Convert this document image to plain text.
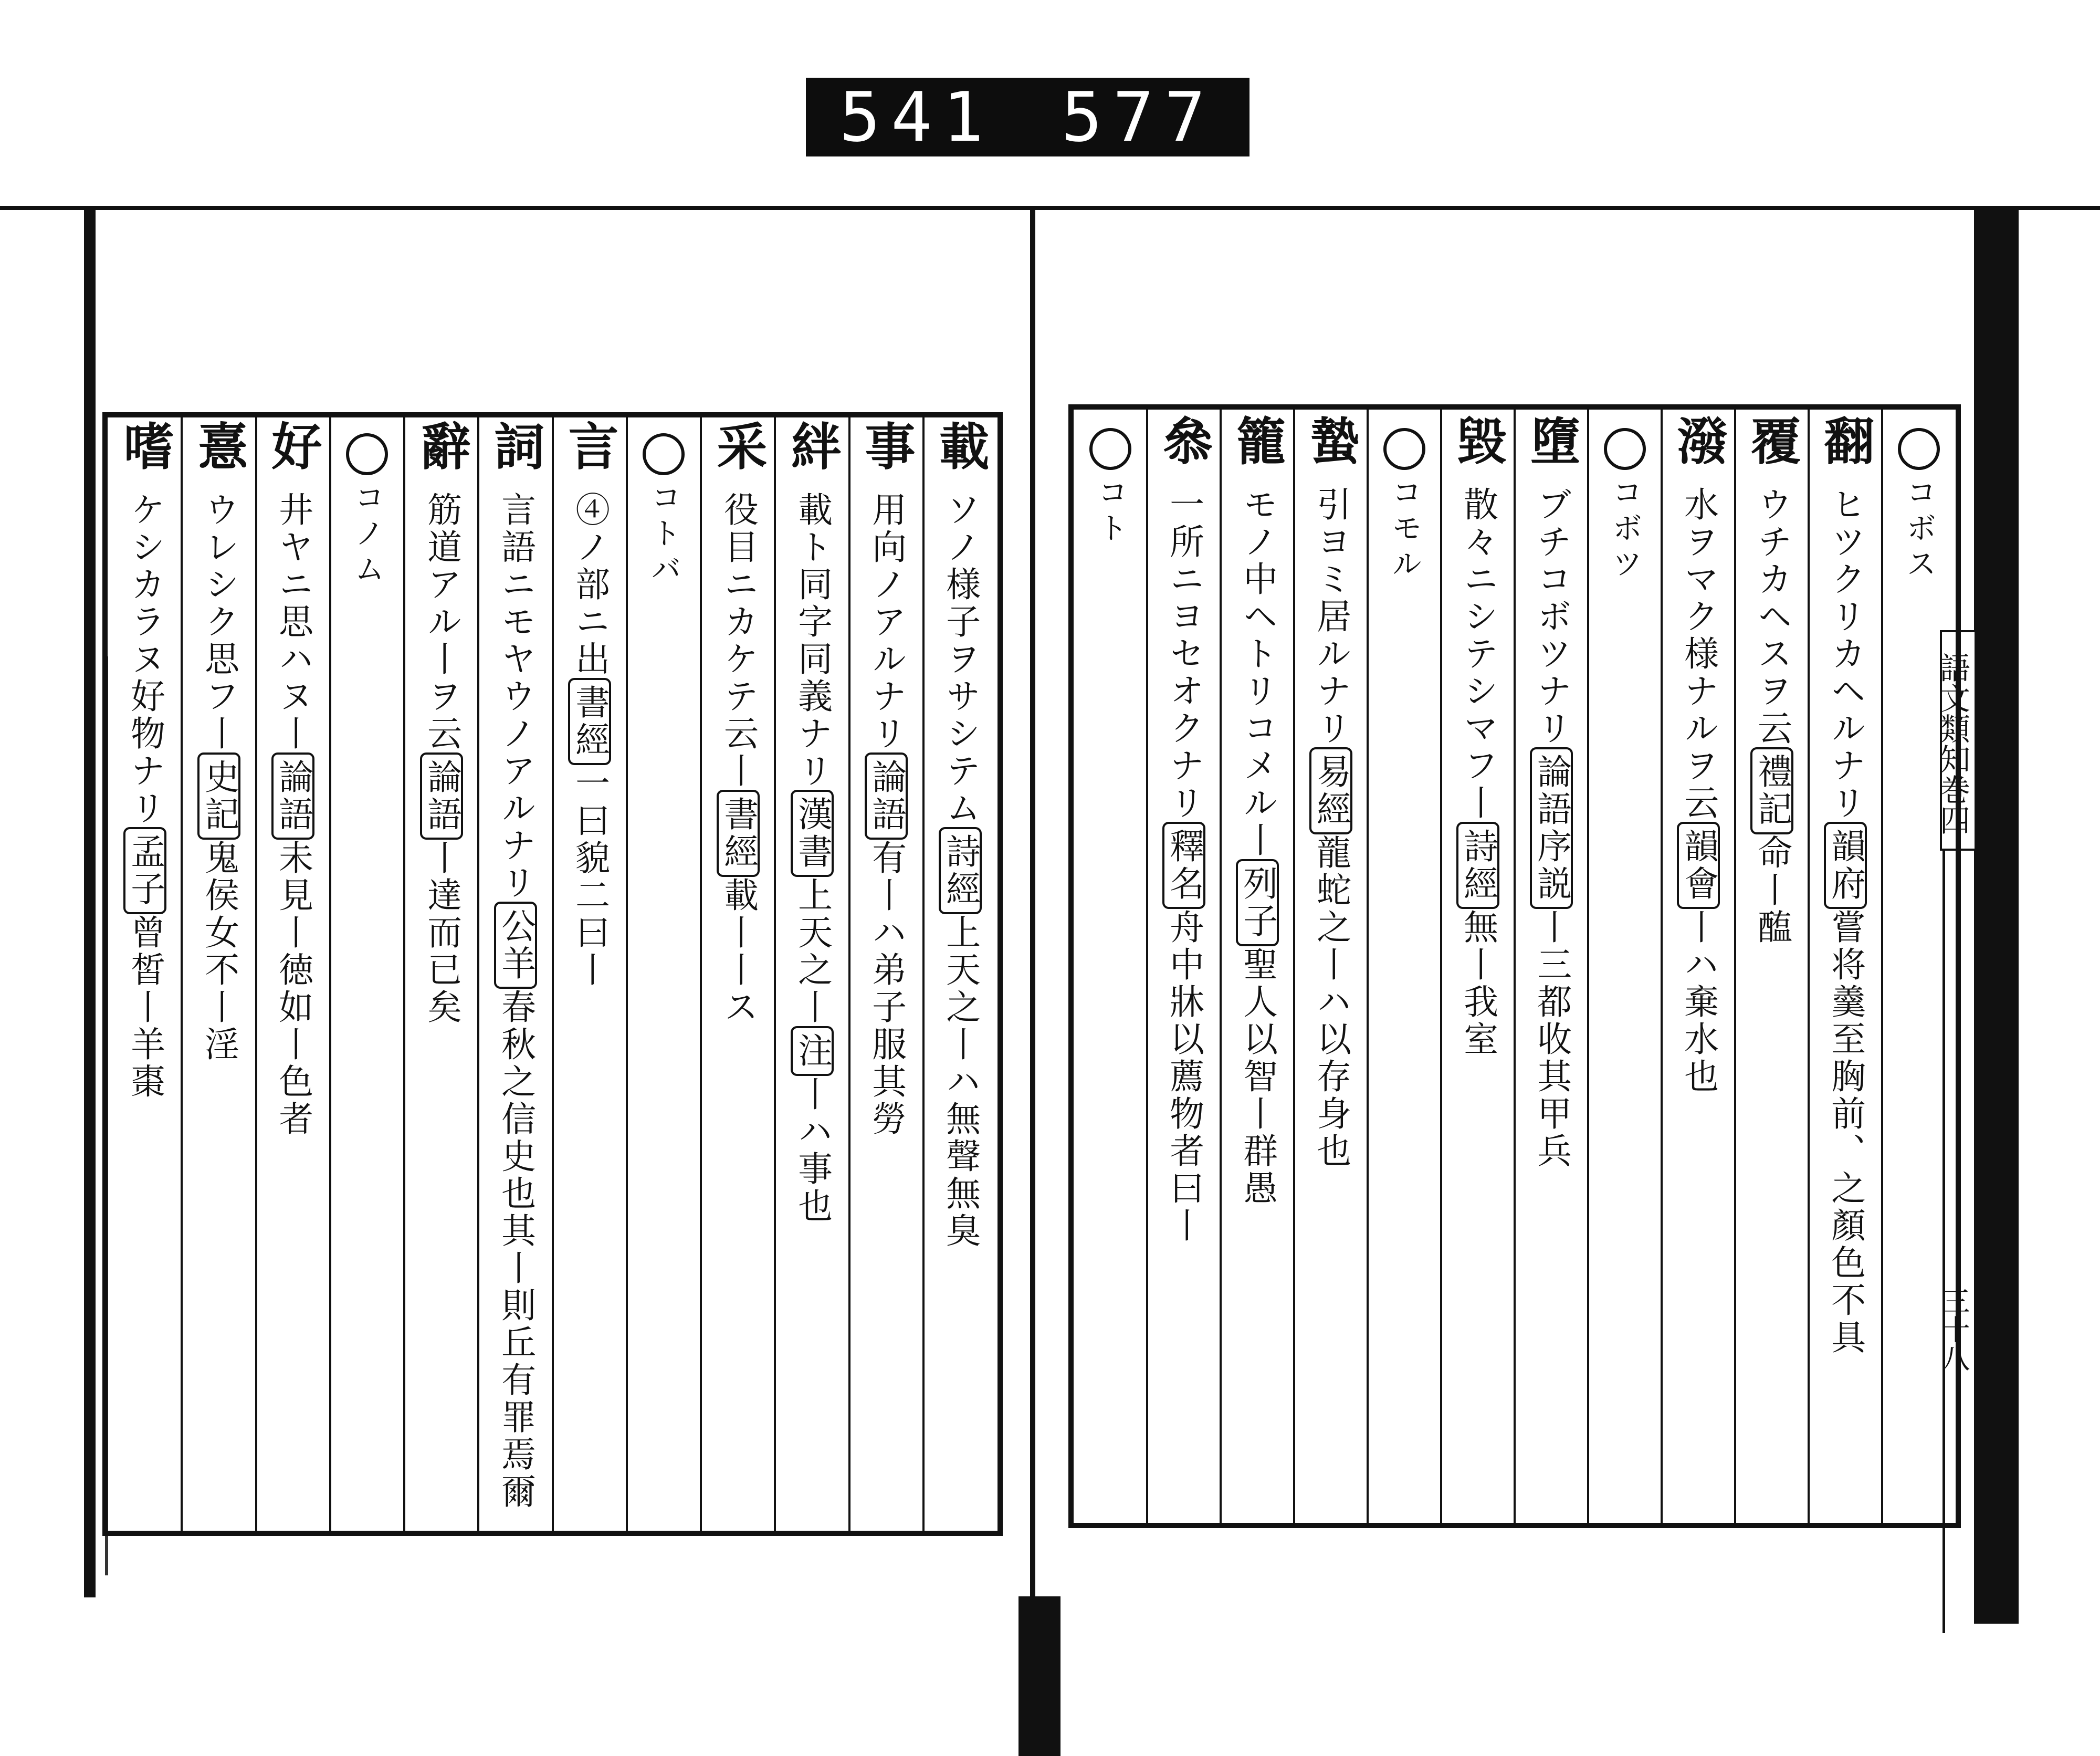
541 577
語文類知巻四
三十八
コボス
翻
ヒツクリカヘルナリ
韻府
嘗将羹至胸前、之顏色不具
覆
ウチカヘスヲ云
禮記
命丨醢
潑
水ヲマク様ナルヲ云
韻會
丨ハ棄水也
コボツ
墮
ブチコボツナリ
論語序説
丨三都收其甲兵
毀
散々ニシテシマフ丨
詩經
無丨我室
コモル
蟄
引ヨミ居ルナリ
易經
龍蛇之丨ハ以存身也
籠
モノ中ヘトリコメル丨
列子
聖人以智丨群愚
叅
一所ニヨセオクナリ
釋名
舟中牀以薦物者曰丨
コト
載
ソノ様子ヲサシテム
詩經
上天之丨ハ無聲無臭
事
用向ノアルナリ
論語
有丨ハ弟子服其勞
絆
載ト同字同義ナリ
漢書
上天之丨
注
丨ハ事也
采
役目ニカケテ云丨
書經
載丨丨ス
コトバ
言
④ノ部ニ出
書經
一曰貌二曰丨
詞
言語ニモヤウノアルナリ
公羊
春秋之信史也其丨則丘有罪焉爾
辭
筋道アル丨ヲ云
論語
丨達而已矣
コノム
好
井ヤニ思ハヌ丨
論語
未見丨徳如丨色者
憙
ウレシク思フ丨
史記
鬼侯女不丨淫
嗜
ケシカラヌ好物ナリ
孟子
曾皙丨羊棗
